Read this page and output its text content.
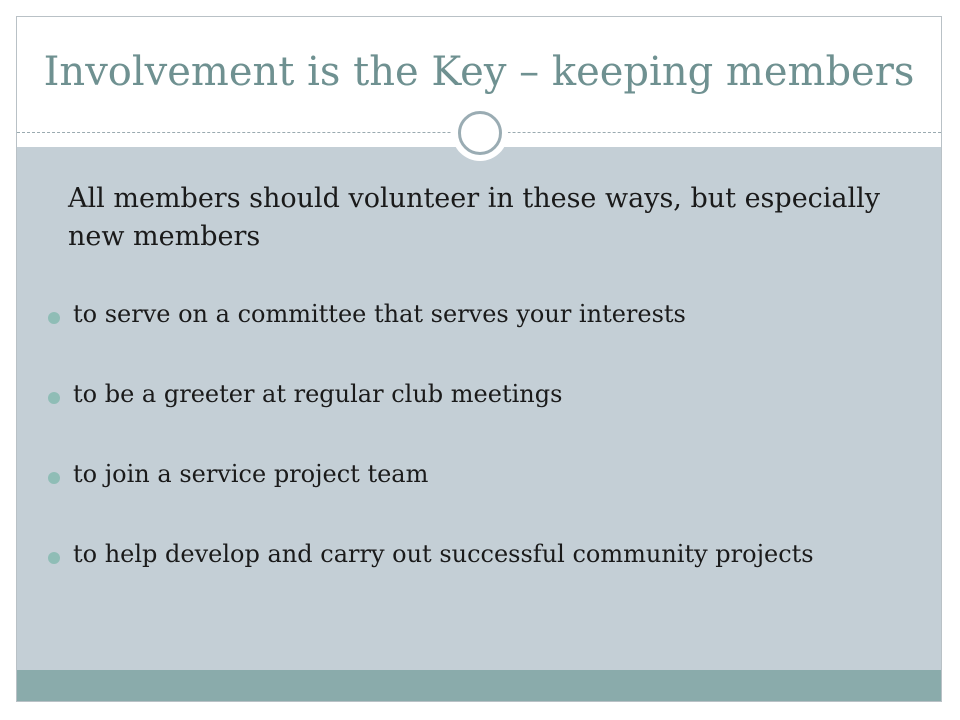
Involvement is the Key – keeping members
All members should volunteer in these ways, but especially new members
to serve on a committee that serves your interests
to be a greeter at regular club meetings
to join a service project team
to help develop and carry out successful community projects
